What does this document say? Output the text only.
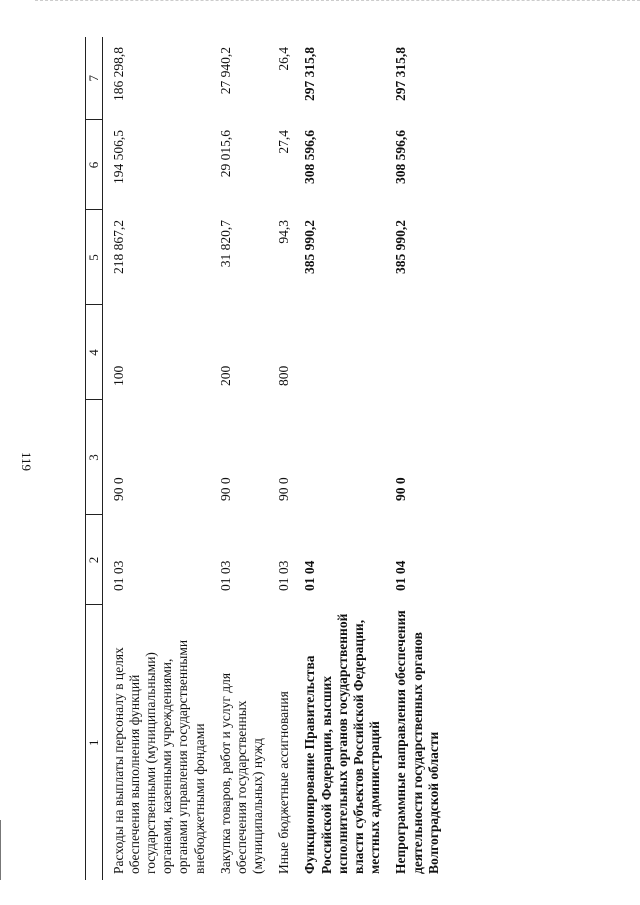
119
1	2	3	4	5	6	7

Расходы на выплаты персоналу в целях обеспечения выполнения функций государственными (муниципальными) органами, казенными учреждениями, органами управления государственными внебюджетными фондами	01 03	90 0	100	218 867,2	194 506,5	186 298,8

Закупка товаров, работ и услуг для обеспечения государственных (муниципальных) нужд	01 03	90 0	200	31 820,7	29 015,6	27 940,2

Иные бюджетные ассигнования	01 03	90 0	800	94,3	27,4	26,4

Функционирование Правительства Российской Федерации, высших исполнительных органов государственной власти субъектов Российской Федерации, местных администраций	01 04			385 990,2	308 596,6	297 315,8

Непрограммные направления обеспечения деятельности государственных органов Волгоградской области	01 04	90 0		385 990,2	308 596,6	297 315,8
